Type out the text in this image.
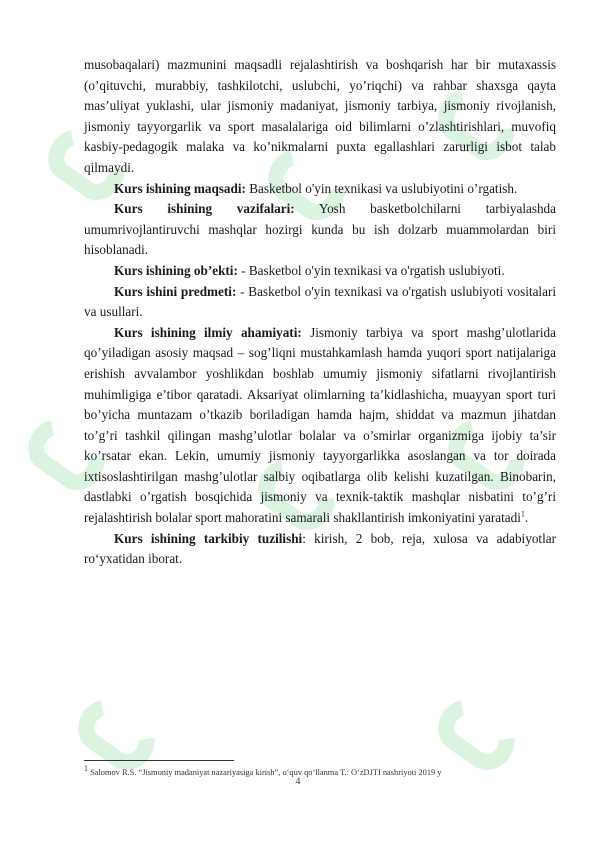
musobaqalari) mazmunini maqsadli rejalashtirish va boshqarish har bir mutaxassis (o’qituvchi, murabbiy, tashkilotchi, uslubchi, yo’riqchi) va rahbar shaxsga qayta mas’uliyat yuklashi, ular jismoniy madaniyat, jismoniy tarbiya, jismoniy rivojlanish, jismoniy tayyorgarlik va sport masalalariga oid bilimlarni o’zlashtirishlari, muvofiq kasbiy-pedagogik malaka va ko’nikmalarni puxta egallashlari zarurligi isbot talab qilmaydi.

Kurs ishining maqsadi: Basketbol o'yin texnikasi va uslubiyotini o’rgatish.

Kurs ishining vazifalari: Yosh basketbolchilarni tarbiyalashda umumrivojlantiruvchi mashqlar hozirgi kunda bu ish dolzarb muammolardan biri hisoblanadi.

Kurs ishining ob’ekti: - Basketbol o'yin texnikasi va o'rgatish uslubiyoti.

Kurs ishini predmeti: - Basketbol o'yin texnikasi va o'rgatish uslubiyoti vositalari va usullari.

Kurs ishining ilmiy ahamiyati: Jismoniy tarbiya va sport mashg’ulotlarida qo’yiladigan asosiy maqsad – sog’liqni mustahkamlash hamda yuqori sport natijalariga erishish avvalambor yoshlikdan boshlab umumiy jismoniy sifatlarni rivojlantirish muhimligiga e’tibor qaratadi. Aksariyat olimlarning ta’kidlashicha, muayyan sport turi bo’yicha muntazam o’tkazib boriladigan hamda hajm, shiddat va mazmun jihatdan to’g’ri tashkil qilingan mashg’ulotlar bolalar va o’smirlar organizmiga ijobiy ta’sir ko’rsatar ekan. Lekin, umumiy jismoniy tayyorgarlikka asoslangan va tor doirada ixtisoslashtirilgan mashg’ulotlar salbiy oqibatlarga olib kelishi kuzatilgan. Binobarin, dastlabki o’rgatish bosqichida jismoniy va texnik-taktik mashqlar nisbatini to’g’ri rejalashtirish bolalar sport mahoratini samarali shakllantirish imkoniyatini yaratadi$^1$.

Kurs ishining tarkibiy tuzilishi: kirish, 2 bob, reja, xulosa va adabiyotlar ro‘yxatidan iborat.

$^1$ Salomov R.S. “Jismoniy madaniyat nazariyasiga kirish”, o‘quv qo‘llanma T.: O‘zDJTI nashriyoti 2019 y
4
